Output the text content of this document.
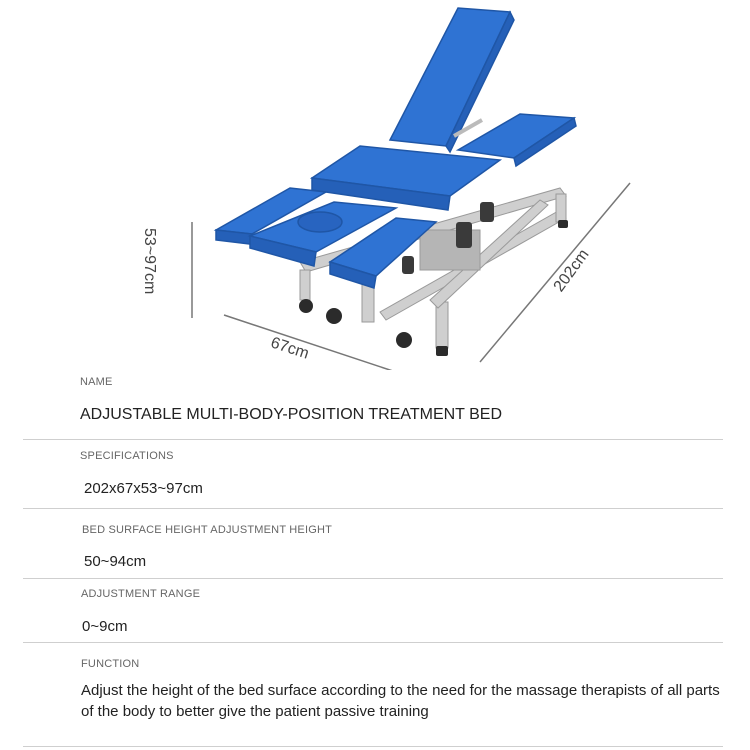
53~97cm
67cm
202cm
NAME
ADJUSTABLE MULTI-BODY-POSITION TREATMENT BED
SPECIFICATIONS
202x67x53~97cm
BED SURFACE HEIGHT ADJUSTMENT HEIGHT
50~94cm
ADJUSTMENT RANGE
0~9cm
FUNCTION
Adjust the height of the bed surface according to the need for the massage therapists of all parts of the body to better give the patient passive training
